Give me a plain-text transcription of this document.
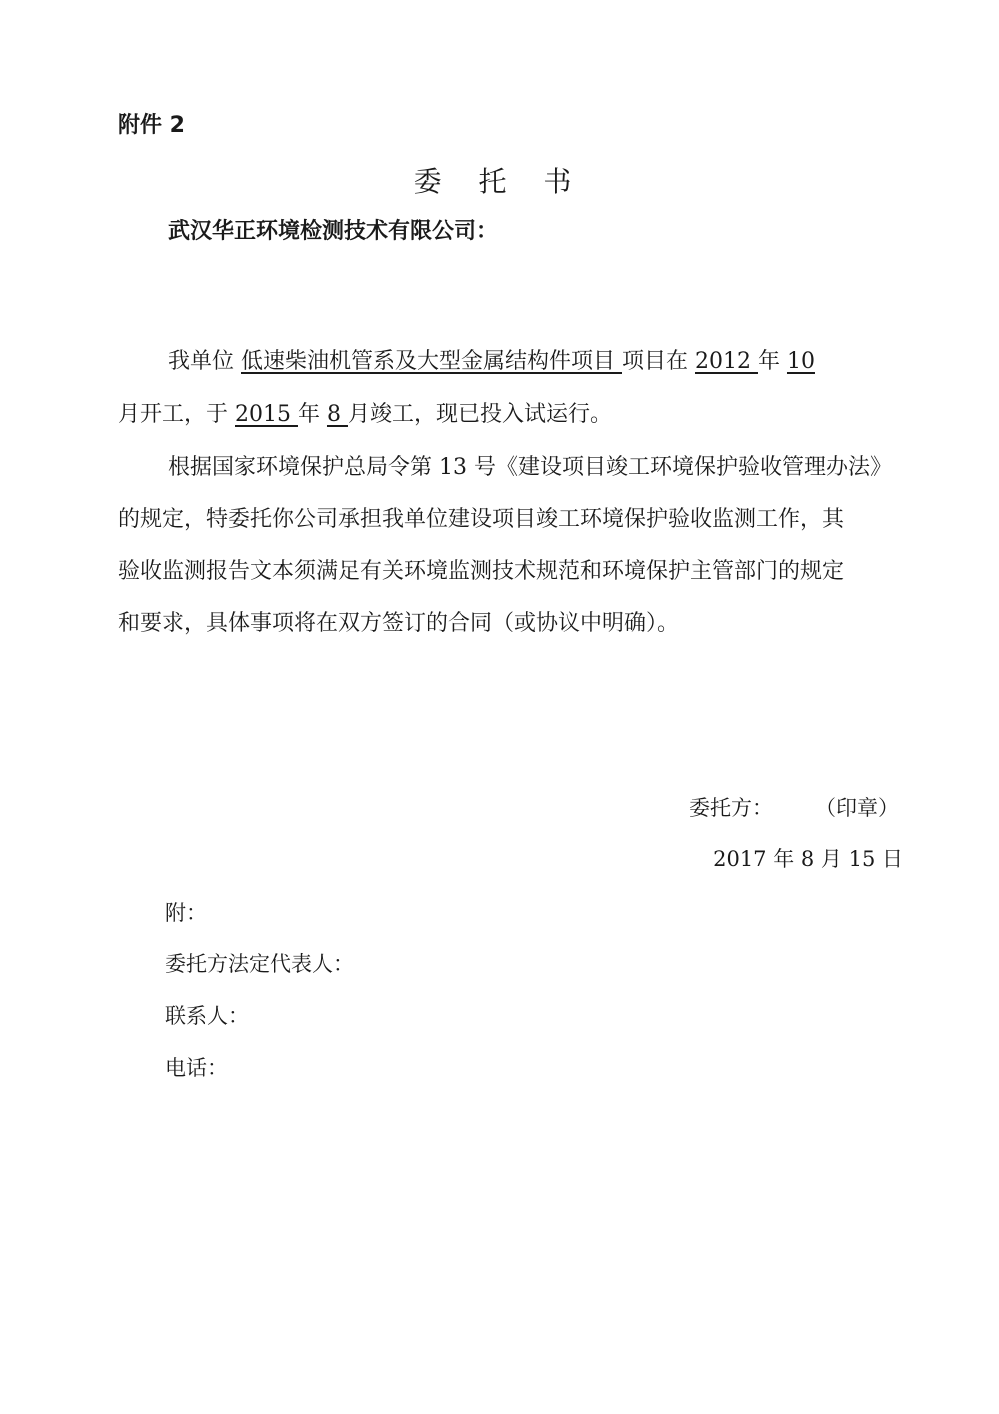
附件 2
委 托 书
武汉华正环境检测技术有限公司：
我单位 低速柴油机管系及大型金属结构件项目 项目在 2012 年 10
月开工，于 2015 年 8 月竣工，现已投入试运行。
根据国家环境保护总局令第 13 号《建设项目竣工环境保护验收管理办法》
的规定，特委托你公司承担我单位建设项目竣工环境保护验收监测工作，其
验收监测报告文本须满足有关环境监测技术规范和环境保护主管部门的规定
和要求，具体事项将在双方签订的合同（或协议中明确）。
委托方：　　　（印章）
2017 年 8 月 15 日
附：
委托方法定代表人：
联系人：
电话：
